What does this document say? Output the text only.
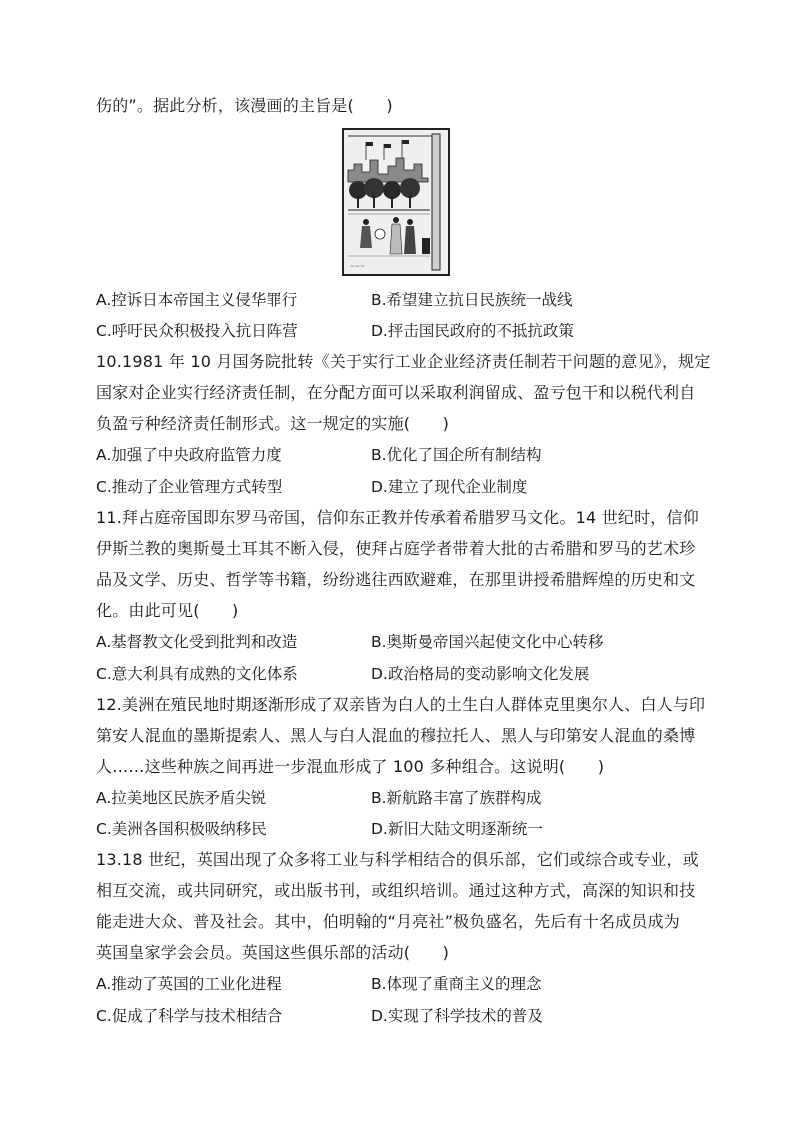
伤的”。据此分析，该漫画的主旨是(　　)
~~~
A.控诉日本帝国主义侵华罪行	B.希望建立抗日民族统一战线
C.呼吁民众积极投入抗日阵营	D.抨击国民政府的不抵抗政策
10.1981 年 10 月国务院批转《关于实行工业企业经济责任制若干问题的意见》，规定
国家对企业实行经济责任制，在分配方面可以采取利润留成、盈亏包干和以税代利自
负盈亏种经济责任制形式。这一规定的实施(　　)
A.加强了中央政府监管力度	B.优化了国企所有制结构
C.推动了企业管理方式转型	D.建立了现代企业制度
11.拜占庭帝国即东罗马帝国，信仰东正教并传承着希腊罗马文化。14 世纪时，信仰
伊斯兰教的奥斯曼土耳其不断入侵，使拜占庭学者带着大批的古希腊和罗马的艺术珍
品及文学、历史、哲学等书籍，纷纷逃往西欧避难，在那里讲授希腊辉煌的历史和文
化。由此可见(　　)
A.基督教文化受到批判和改造	B.奥斯曼帝国兴起使文化中心转移
C.意大利具有成熟的文化体系	D.政治格局的变动影响文化发展
12.美洲在殖民地时期逐渐形成了双亲皆为白人的土生白人群体克里奥尔人、白人与印
第安人混血的墨斯提索人、黑人与白人混血的穆拉托人、黑人与印第安人混血的桑博
人……这些种族之间再进一步混血形成了 100 多种组合。这说明(　　)
A.拉美地区民族矛盾尖锐	B.新航路丰富了族群构成
C.美洲各国积极吸纳移民	D.新旧大陆文明逐渐统一
13.18 世纪，英国出现了众多将工业与科学相结合的俱乐部，它们或综合或专业，或
相互交流，或共同研究，或出版书刊，或组织培训。通过这种方式，高深的知识和技
能走进大众、普及社会。其中，伯明翰的“月亮社”极负盛名，先后有十名成员成为
英国皇家学会会员。英国这些俱乐部的活动(　　)
A.推动了英国的工业化进程	B.体现了重商主义的理念
C.促成了科学与技术相结合	D.实现了科学技术的普及
